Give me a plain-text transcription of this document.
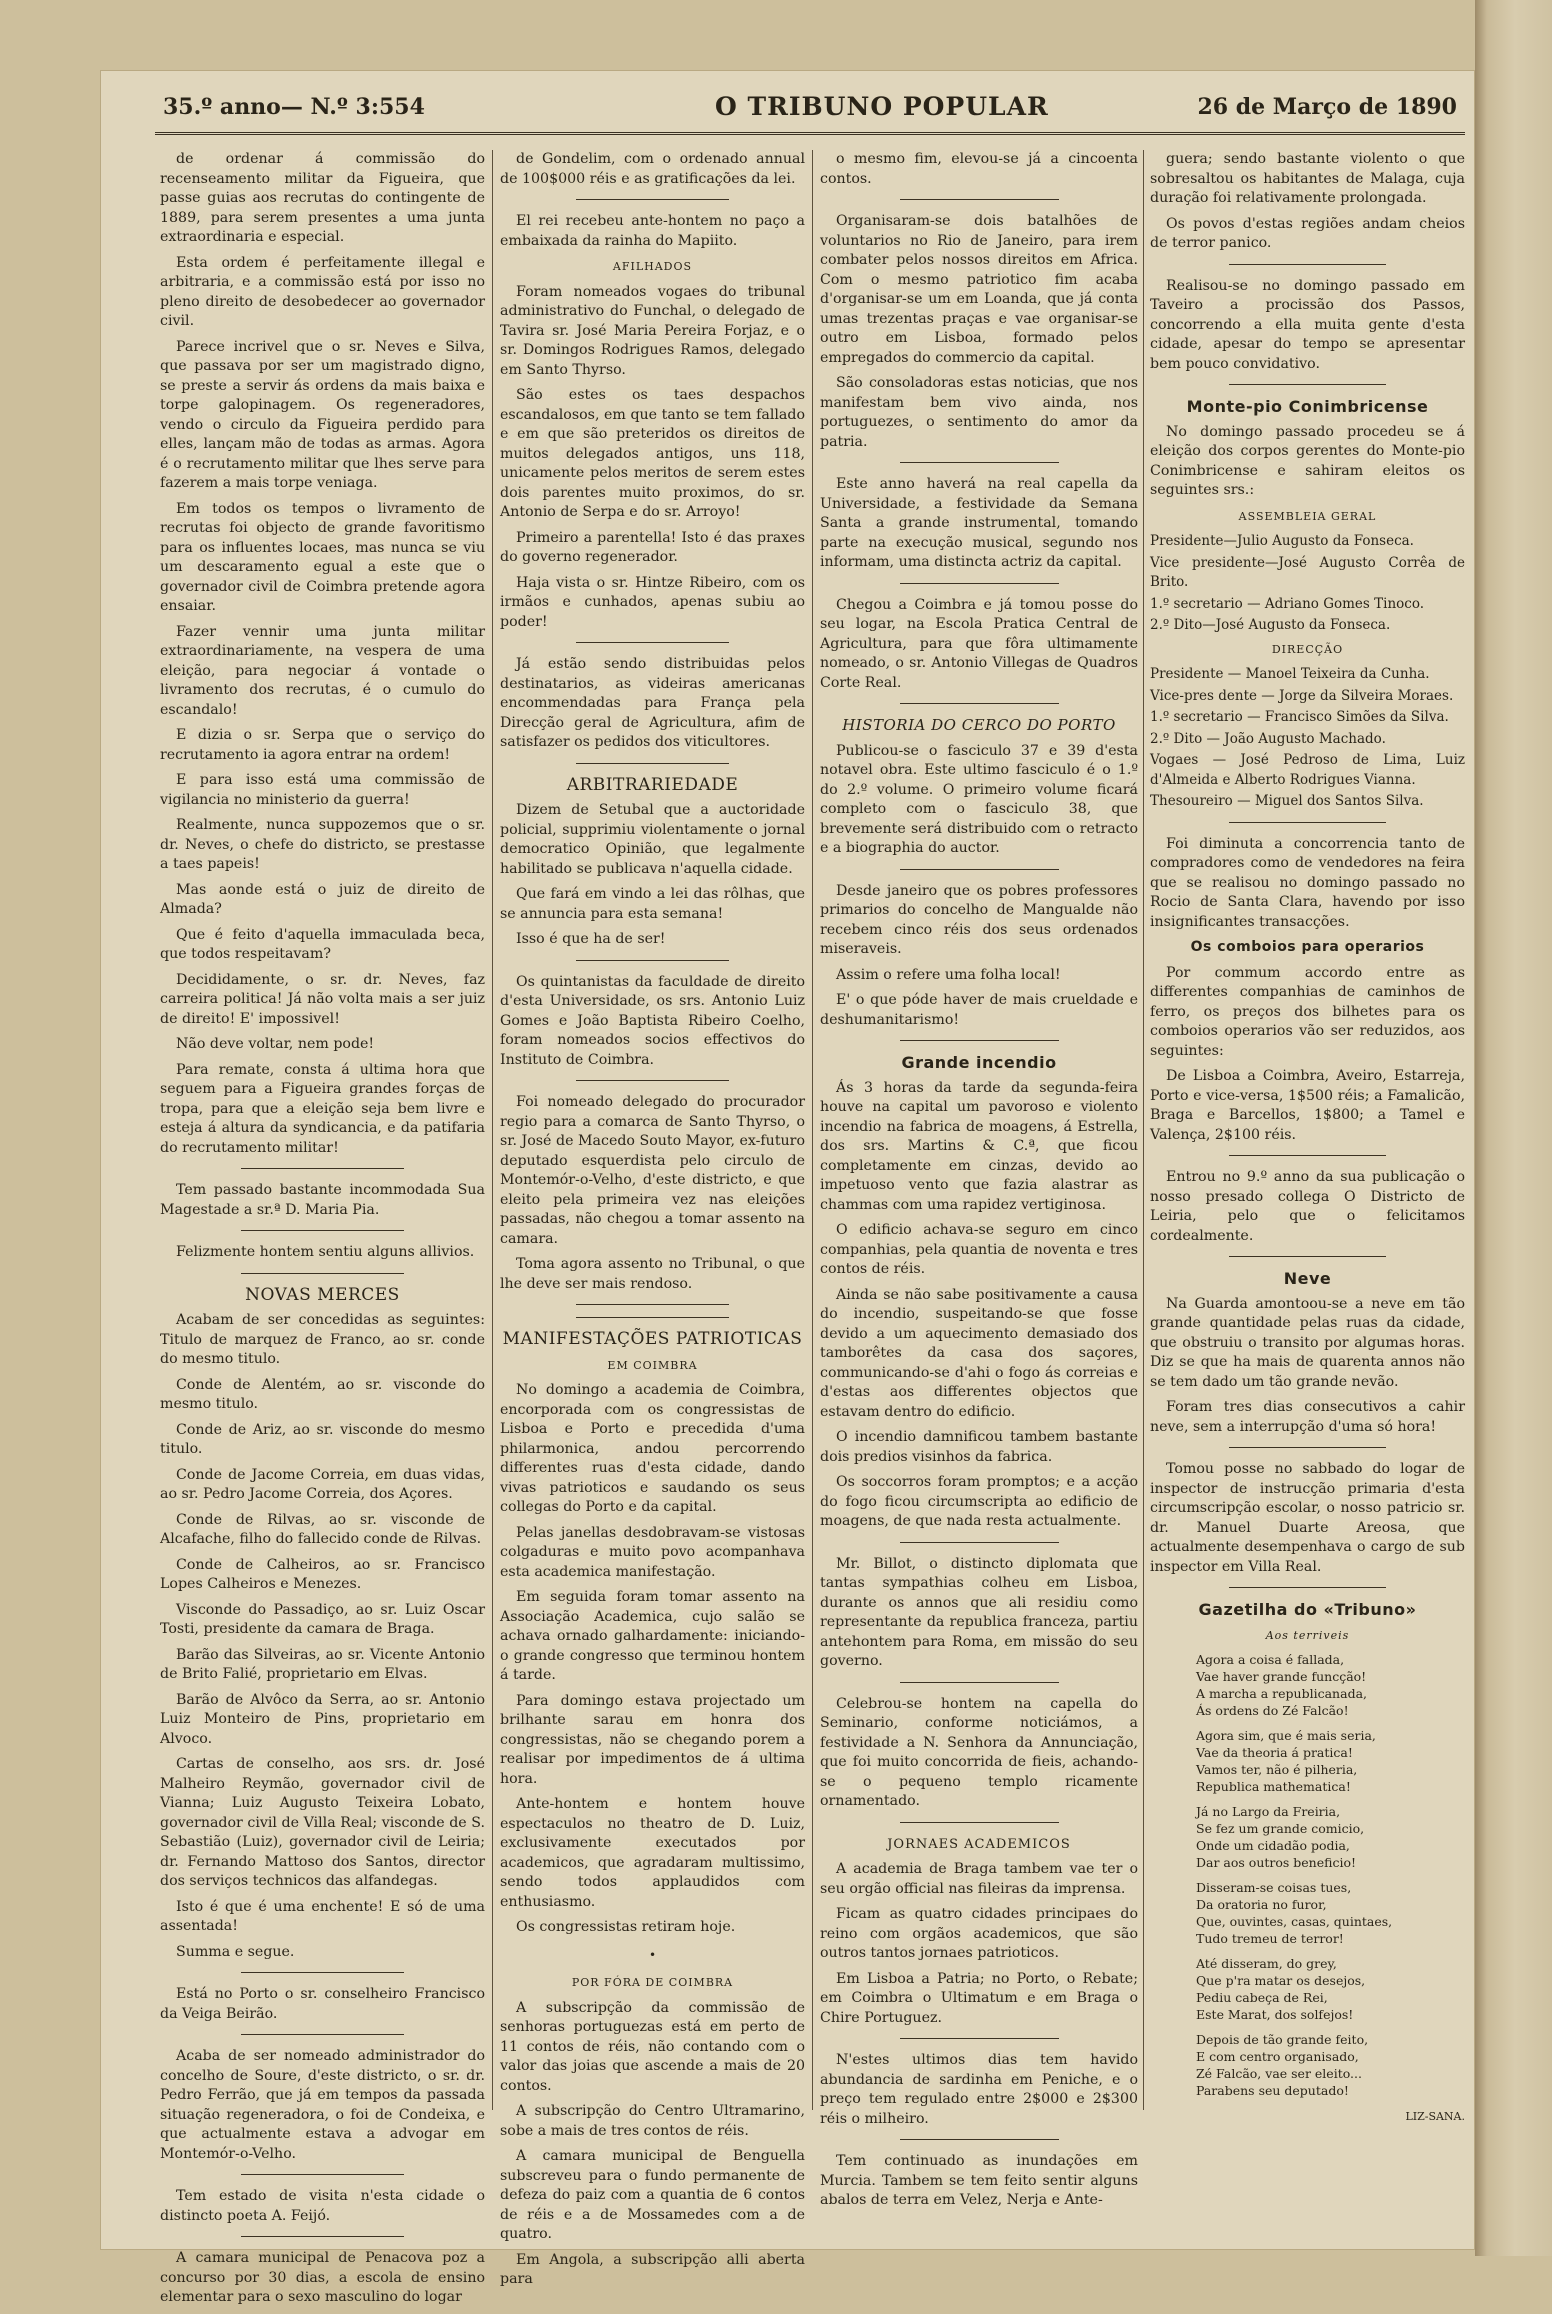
35.º anno— N.º 3:554	O TRIBUNO POPULAR	26 de Março de 1890

de ordenar á commissão do recenseamento militar da Figueira, que passe guias aos recrutas do contingente de 1889, para serem presentes a uma junta extraordinaria e especial.

Esta ordem é perfeitamente illegal e arbitraria, e a commissão está por isso no pleno direito de desobedecer ao governador civil.

Parece incrivel que o sr. Neves e Silva, que passava por ser um magistrado digno, se preste a servir ás ordens da mais baixa e torpe galopinagem. Os regeneradores, vendo o circulo da Figueira perdido para elles, lançam mão de todas as armas. Agora é o recrutamento militar que lhes serve para fazerem a mais torpe veniaga.

Em todos os tempos o livramento de recrutas foi objecto de grande favoritismo para os influentes locaes, mas nunca se viu um descaramento egual a este que o governador civil de Coimbra pretende agora ensaiar.

Fazer vennir uma junta militar extraordinariamente, na vespera de uma eleição, para negociar á vontade o livramento dos recrutas, é o cumulo do escandalo!

E dizia o sr. Serpa que o serviço do recrutamento ia agora entrar na ordem!

E para isso está uma commissão de vigilancia no ministerio da guerra!

Realmente, nunca suppozemos que o sr. dr. Neves, o chefe do districto, se prestasse a taes papeis!

Mas aonde está o juiz de direito de Almada?

Que é feito d'aquella immaculada beca, que todos respeitavam?

Decididamente, o sr. dr. Neves, faz carreira politica! Já não volta mais a ser juiz de direito! E' impossivel!

Não deve voltar, nem pode!

Para remate, consta á ultima hora que seguem para a Figueira grandes forças de tropa, para que a eleição seja bem livre e esteja á altura da syndicancia, e da patifaria do recrutamento militar!

Tem passado bastante incommodada Sua Magestade a sr.ª D. Maria Pia.

Felizmente hontem sentiu alguns allivios.

NOVAS MERCES

Acabam de ser concedidas as seguintes: Titulo de marquez de Franco, ao sr. conde do mesmo titulo.

Conde de Alentém, ao sr. visconde do mesmo titulo.

Conde de Ariz, ao sr. visconde do mesmo titulo.

Conde de Jacome Correia, em duas vidas, ao sr. Pedro Jacome Correia, dos Açores.

Conde de Rilvas, ao sr. visconde de Alcafache, filho do fallecido conde de Rilvas.

Conde de Calheiros, ao sr. Francisco Lopes Calheiros e Menezes.

Visconde do Passadiço, ao sr. Luiz Oscar Tosti, presidente da camara de Braga.

Barão das Silveiras, ao sr. Vicente Antonio de Brito Falié, proprietario em Elvas.

Barão de Alvôco da Serra, ao sr. Antonio Luiz Monteiro de Pins, proprietario em Alvoco.

Cartas de conselho, aos srs. dr. José Malheiro Reymão, governador civil de Vianna; Luiz Augusto Teixeira Lobato, governador civil de Villa Real; visconde de S. Sebastião (Luiz), governador civil de Leiria; dr. Fernando Mattoso dos Santos, director dos serviços technicos das alfandegas.

Isto é que é uma enchente! E só de uma assentada!

Summa e segue.

Está no Porto o sr. conselheiro Francisco da Veiga Beirão.

Acaba de ser nomeado administrador do concelho de Soure, d'este districto, o sr. dr. Pedro Ferrão, que já em tempos da passada situação regeneradora, o foi de Condeixa, e que actualmente estava a advogar em Montemór-o-Velho.

Tem estado de visita n'esta cidade o distincto poeta A. Feijó.

A camara municipal de Penacova poz a concurso por 30 dias, a escola de ensino elementar para o sexo masculino do logar

de Gondelim, com o ordenado annual de 100$000 réis e as gratificações da lei.

El rei recebeu ante-hontem no paço a embaixada da rainha do Mapiito.

AFILHADOS

Foram nomeados vogaes do tribunal administrativo do Funchal, o delegado de Tavira sr. José Maria Pereira Forjaz, e o sr. Domingos Rodrigues Ramos, delegado em Santo Thyrso.

São estes os taes despachos escandalosos, em que tanto se tem fallado e em que são preteridos os direitos de muitos delegados antigos, uns 118, unicamente pelos meritos de serem estes dois parentes muito proximos, do sr. Antonio de Serpa e do sr. Arroyo!

Primeiro a parentella! Isto é das praxes do governo regenerador.

Haja vista o sr. Hintze Ribeiro, com os irmãos e cunhados, apenas subiu ao poder!

Já estão sendo distribuidas pelos destinatarios, as videiras americanas encommendadas para França pela Direcção geral de Agricultura, afim de satisfazer os pedidos dos viticultores.

ARBITRARIEDADE

Dizem de Setubal que a auctoridade policial, supprimiu violentamente o jornal democratico Opinião, que legalmente habilitado se publicava n'aquella cidade.

Que fará em vindo a lei das rôlhas, que se annuncia para esta semana!

Isso é que ha de ser!

Os quintanistas da faculdade de direito d'esta Universidade, os srs. Antonio Luiz Gomes e João Baptista Ribeiro Coelho, foram nomeados socios effectivos do Instituto de Coimbra.

Foi nomeado delegado do procurador regio para a comarca de Santo Thyrso, o sr. José de Macedo Souto Mayor, ex-futuro deputado esquerdista pelo circulo de Montemór-o-Velho, d'este districto, e que eleito pela primeira vez nas eleições passadas, não chegou a tomar assento na camara.

Toma agora assento no Tribunal, o que lhe deve ser mais rendoso.

MANIFESTAÇÕES PATRIOTICAS
EM COIMBRA

No domingo a academia de Coimbra, encorporada com os congressistas de Lisboa e Porto e precedida d'uma philarmonica, andou percorrendo differentes ruas d'esta cidade, dando vivas patrioticos e saudando os seus collegas do Porto e da capital.

Pelas janellas desdobravam-se vistosas colgaduras e muito povo acompanhava esta academica manifestação.

Em seguida foram tomar assento na Associação Academica, cujo salão se achava ornado galhardamente: iniciando-o grande congresso que terminou hontem á tarde.

Para domingo estava projectado um brilhante sarau em honra dos congressistas, não se chegando porem a realisar por impedimentos de á ultima hora.

Ante-hontem e hontem houve espectaculos no theatro de D. Luiz, exclusivamente executados por academicos, que agradaram multissimo, sendo todos applaudidos com enthusiasmo.

Os congressistas retiram hoje.

•
POR FÓRA DE COIMBRA

A subscripção da commissão de senhoras portuguezas está em perto de 11 contos de réis, não contando com o valor das joias que ascende a mais de 20 contos.

A subscripção do Centro Ultramarino, sobe a mais de tres contos de réis.

A camara municipal de Benguella subscreveu para o fundo permanente de defeza do paiz com a quantia de 6 contos de réis e a de Mossamedes com a de quatro.

Em Angola, a subscripção alli aberta para

o mesmo fim, elevou-se já a cincoenta contos.

Organisaram-se dois batalhões de voluntarios no Rio de Janeiro, para irem combater pelos nossos direitos em Africa. Com o mesmo patriotico fim acaba d'organisar-se um em Loanda, que já conta umas trezentas praças e vae organisar-se outro em Lisboa, formado pelos empregados do commercio da capital.

São consoladoras estas noticias, que nos manifestam bem vivo ainda, nos portuguezes, o sentimento do amor da patria.

Este anno haverá na real capella da Universidade, a festividade da Semana Santa a grande instrumental, tomando parte na execução musical, segundo nos informam, uma distincta actriz da capital.

Chegou a Coimbra e já tomou posse do seu logar, na Escola Pratica Central de Agricultura, para que fôra ultimamente nomeado, o sr. Antonio Villegas de Quadros Corte Real.

HISTORIA DO CERCO DO PORTO

Publicou-se o fasciculo 37 e 39 d'esta notavel obra. Este ultimo fasciculo é o 1.º do 2.º volume. O primeiro volume ficará completo com o fasciculo 38, que brevemente será distribuido com o retracto e a biographia do auctor.

Desde janeiro que os pobres professores primarios do concelho de Mangualde não recebem cinco réis dos seus ordenados miseraveis.

Assim o refere uma folha local!

E' o que póde haver de mais crueldade e deshumanitarismo!

Grande incendio

Ás 3 horas da tarde da segunda-feira houve na capital um pavoroso e violento incendio na fabrica de moagens, á Estrella, dos srs. Martins & C.ª, que ficou completamente em cinzas, devido ao impetuoso vento que fazia alastrar as chammas com uma rapidez vertiginosa.

O edificio achava-se seguro em cinco companhias, pela quantia de noventa e tres contos de réis.

Ainda se não sabe positivamente a causa do incendio, suspeitando-se que fosse devido a um aquecimento demasiado dos tamborêtes da casa dos saçores, communicando-se d'ahi o fogo ás correias e d'estas aos differentes objectos que estavam dentro do edificio.

O incendio damnificou tambem bastante dois predios visinhos da fabrica.

Os soccorros foram promptos; e a acção do fogo ficou circumscripta ao edificio de moagens, de que nada resta actualmente.

Mr. Billot, o distincto diplomata que tantas sympathias colheu em Lisboa, durante os annos que ali residiu como representante da republica franceza, partiu antehontem para Roma, em missão do seu governo.

Celebrou-se hontem na capella do Seminario, conforme noticiámos, a festividade a N. Senhora da Annunciação, que foi muito concorrida de fieis, achando-se o pequeno templo ricamente ornamentado.

JORNAES ACADEMICOS

A academia de Braga tambem vae ter o seu orgão official nas fileiras da imprensa.

Ficam as quatro cidades principaes do reino com orgãos academicos, que são outros tantos jornaes patrioticos.

Em Lisboa a Patria; no Porto, o Rebate; em Coimbra o Ultimatum e em Braga o Chire Portuguez.

N'estes ultimos dias tem havido abundancia de sardinha em Peniche, e o preço tem regulado entre 2$000 e 2$300 réis o milheiro.

Tem continuado as inundações em Murcia. Tambem se tem feito sentir alguns abalos de terra em Velez, Nerja e Ante-

guera; sendo bastante violento o que sobresaltou os habitantes de Malaga, cuja duração foi relativamente prolongada.

Os povos d'estas regiões andam cheios de terror panico.

Realisou-se no domingo passado em Taveiro a procissão dos Passos, concorrendo a ella muita gente d'esta cidade, apesar do tempo se apresentar bem pouco convidativo.

Monte-pio Conimbricense

No domingo passado procedeu se á eleição dos corpos gerentes do Monte-pio Conimbricense e sahiram eleitos os seguintes srs.:

ASSEMBLEIA GERAL

Presidente—Julio Augusto da Fonseca.

Vice presidente—José Augusto Corrêa de Brito.

1.º secretario — Adriano Gomes Tinoco.

2.º Dito—José Augusto da Fonseca.

DIRECÇÃO

Presidente — Manoel Teixeira da Cunha.

Vice-pres dente — Jorge da Silveira Moraes.

1.º secretario — Francisco Simões da Silva.

2.º Dito — João Augusto Machado.

Vogaes — José Pedroso de Lima, Luiz d'Almeida e Alberto Rodrigues Vianna.

Thesoureiro — Miguel dos Santos Silva.

Foi diminuta a concorrencia tanto de compradores como de vendedores na feira que se realisou no domingo passado no Rocio de Santa Clara, havendo por isso insignificantes transacções.

Os comboios para operarios

Por commum accordo entre as differentes companhias de caminhos de ferro, os preços dos bilhetes para os comboios operarios vão ser reduzidos, aos seguintes:

De Lisboa a Coimbra, Aveiro, Estarreja, Porto e vice-versa, 1$500 réis; a Famalicão, Braga e Barcellos, 1$800; a Tamel e Valença, 2$100 réis.

Entrou no 9.º anno da sua publicação o nosso presado collega O Districto de Leiria, pelo que o felicitamos cordealmente.

Neve

Na Guarda amontoou-se a neve em tão grande quantidade pelas ruas da cidade, que obstruiu o transito por algumas horas. Diz se que ha mais de quarenta annos não se tem dado um tão grande nevão.

Foram tres dias consecutivos a cahir neve, sem a interrupção d'uma só hora!

Tomou posse no sabbado do logar de inspector de instrucção primaria d'esta circumscripção escolar, o nosso patricio sr. dr. Manuel Duarte Areosa, que actualmente desempenhava o cargo de sub inspector em Villa Real.

Gazetilha do «Tribuno»
Aos terriveis
Agora a coisa é fallada,
Vae haver grande funcção!
A marcha a republicanada,
Ás ordens do Zé Falcão!
Agora sim, que é mais seria,
Vae da theoria á pratica!
Vamos ter, não é pilheria,
Republica mathematica!
Já no Largo da Freiria,
Se fez um grande comicio,
Onde um cidadão podia,
Dar aos outros beneficio!
Disseram-se coisas tues,
Da oratoria no furor,
Que, ouvintes, casas, quintaes,
Tudo tremeu de terror!
Até disseram, do grey,
Que p'ra matar os desejos,
Pediu cabeça de Rei,
Este Marat, dos solfejos!
Depois de tão grande feito,
E com centro organisado,
Zé Falcão, vae ser eleito...
Parabens seu deputado!
LIZ-SANA.
